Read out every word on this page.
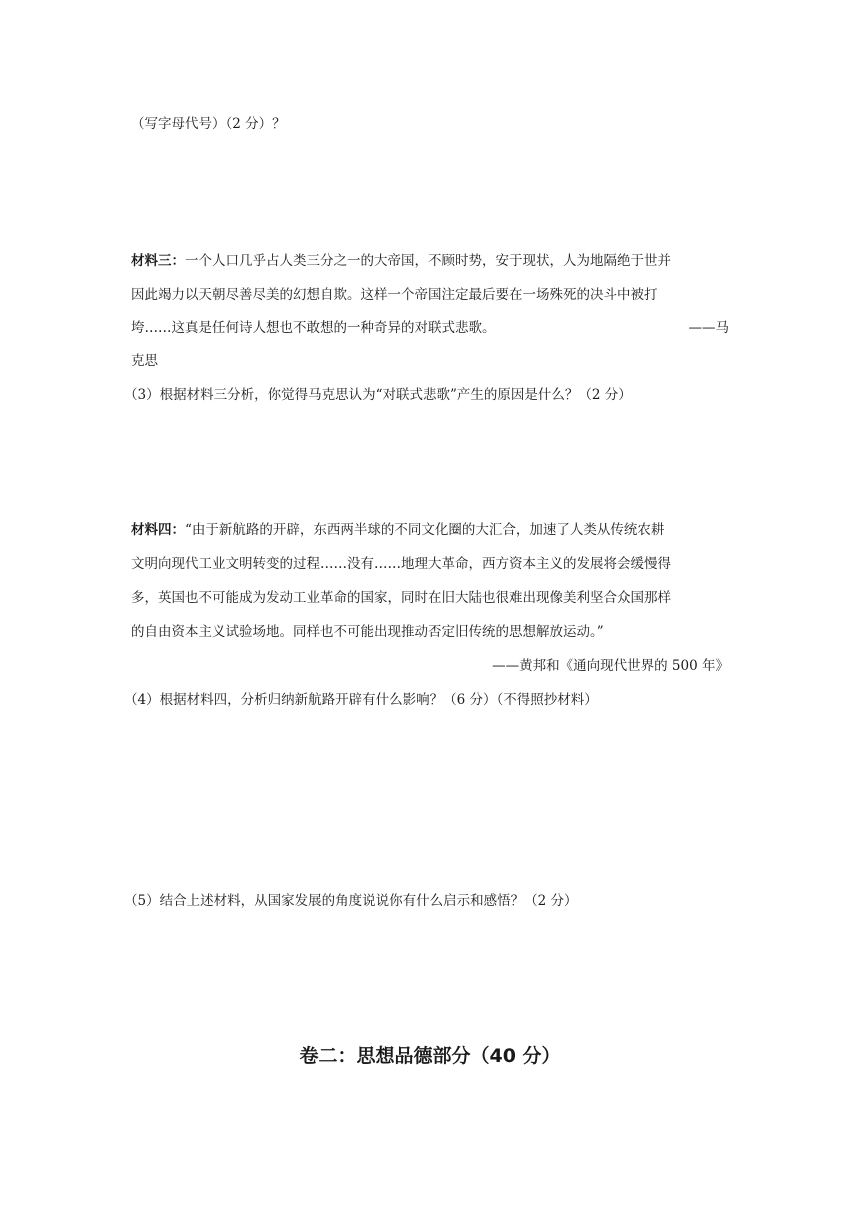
（写字母代号）（2 分）？
材料三：一个人口几乎占人类三分之一的大帝国，不顾时势，安于现状，人为地隔绝于世并
因此竭力以天朝尽善尽美的幻想自欺。这样一个帝国注定最后要在一场殊死的决斗中被打
垮……这真是任何诗人想也不敢想的一种奇异的对联式悲歌。	——马
克思
（3）根据材料三分析，你觉得马克思认为“对联式悲歌”产生的原因是什么？（2 分）
材料四：“由于新航路的开辟，东西两半球的不同文化圈的大汇合，加速了人类从传统农耕
文明向现代工业文明转变的过程……没有……地理大革命，西方资本主义的发展将会缓慢得
多，英国也不可能成为发动工业革命的国家，同时在旧大陆也很难出现像美利坚合众国那样
的自由资本主义试验场地。同样也不可能出现推动否定旧传统的思想解放运动。”
——黄邦和《通向现代世界的 500 年》
（4）根据材料四，分析归纳新航路开辟有什么影响？（6 分）（不得照抄材料）
（5）结合上述材料，从国家发展的角度说说你有什么启示和感悟？（2 分）
卷二：思想品德部分（40 分）
